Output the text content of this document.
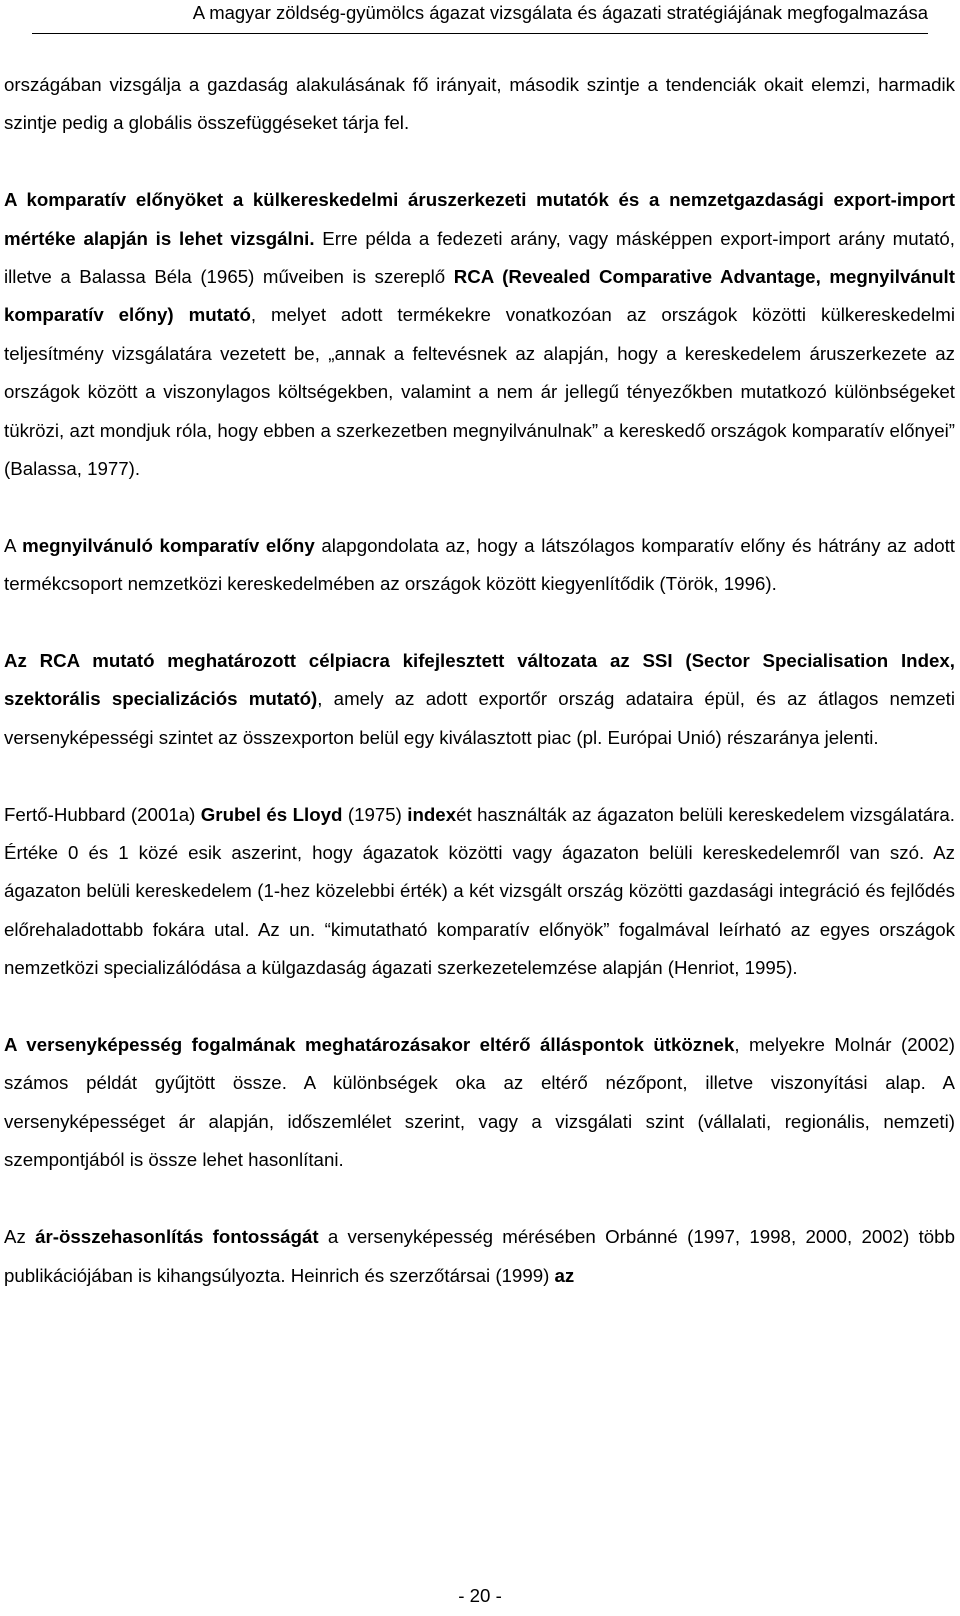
A magyar zöldség-gyümölcs ágazat vizsgálata és ágazati stratégiájának megfogalmazása

országában vizsgálja a gazdaság alakulásának fő irányait, második szintje a tendenciák okait elemzi, harmadik szintje pedig a globális összefüggéseket tárja fel.

A komparatív előnyöket a külkereskedelmi áruszerkezeti mutatók és a nemzetgazdasági export-import mértéke alapján is lehet vizsgálni. Erre példa a fedezeti arány, vagy másképpen export-import arány mutató, illetve a Balassa Béla (1965) műveiben is szereplő RCA (Revealed Comparative Advantage, megnyilvánult komparatív előny) mutató, melyet adott termékekre vonatkozóan az országok közötti külkereskedelmi teljesítmény vizsgálatára vezetett be, „annak a feltevésnek az alapján, hogy a kereskedelem áruszerkezete az országok között a viszonylagos költségekben, valamint a nem ár jellegű tényezőkben mutatkozó különbségeket tükrözi, azt mondjuk róla, hogy ebben a szerkezetben megnyilvánulnak” a kereskedő országok komparatív előnyei” (Balassa, 1977).

A megnyilvánuló komparatív előny alapgondolata az, hogy a látszólagos komparatív előny és hátrány az adott termékcsoport nemzetközi kereskedelmében az országok között kiegyenlítődik (Török, 1996).

Az RCA mutató meghatározott célpiacra kifejlesztett változata az SSI (Sector Specialisation Index, szektorális specializációs mutató), amely az adott exportőr ország adataira épül, és az átlagos nemzeti versenyképességi szintet az összexporton belül egy kiválasztott piac (pl. Európai Unió) részaránya jelenti.

Fertő-Hubbard (2001a) Grubel és Lloyd (1975) indexét használták az ágazaton belüli kereskedelem vizsgálatára. Értéke 0 és 1 közé esik aszerint, hogy ágazatok közötti vagy ágazaton belüli kereskedelemről van szó. Az ágazaton belüli kereskedelem (1-hez közelebbi érték) a két vizsgált ország közötti gazdasági integráció és fejlődés előrehaladottabb fokára utal. Az un. “kimutatható komparatív előnyök” fogalmával leírható az egyes országok nemzetközi specializálódása a külgazdaság ágazati szerkezetelemzése alapján (Henriot, 1995).

A versenyképesség fogalmának meghatározásakor eltérő álláspontok ütköznek, melyekre Molnár (2002) számos példát gyűjtött össze. A különbségek oka az eltérő nézőpont, illetve viszonyítási alap. A versenyképességet ár alapján, időszemlélet szerint, vagy a vizsgálati szint (vállalati, regionális, nemzeti) szempontjából is össze lehet hasonlítani.

Az ár-összehasonlítás fontosságát a versenyképesség mérésében Orbánné (1997, 1998, 2000, 2002) több publikációjában is kihangsúlyozta. Heinrich és szerzőtársai (1999) az

- 20 -
